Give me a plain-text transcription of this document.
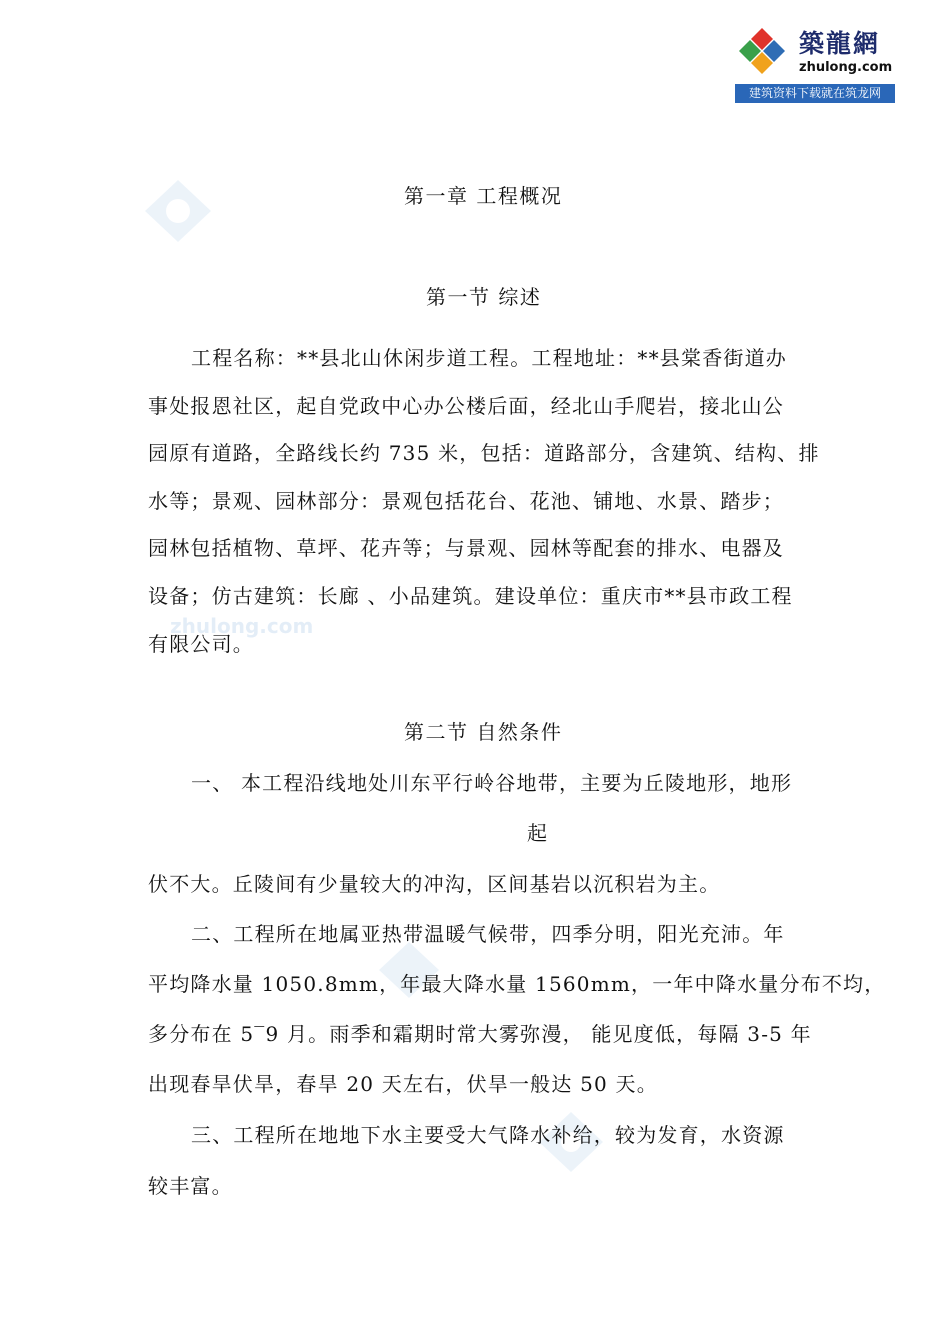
zhulong.com
築龍網
zhulong.com
建筑资料下载就在筑龙网
第一章 工程概况
第一节 综述
工程名称：**县北山休闲步道工程。工程地址：**县棠香街道办
事处报恩社区，起自党政中心办公楼后面，经北山手爬岩，接北山公
园原有道路，全路线长约 735 米，包括：道路部分，含建筑、结构、排
水等；景观、园林部分：景观包括花台、花池、铺地、水景、踏步；
园林包括植物、草坪、花卉等；与景观、园林等配套的排水、电器及
设备；仿古建筑：长廊 、小品建筑。建设单位：重庆市**县市政工程
有限公司。
第二节 自然条件
一、 本工程沿线地处川东平行岭谷地带，主要为丘陵地形，地形
起
伏不大。丘陵间有少量较大的冲沟，区间基岩以沉积岩为主。
二、工程所在地属亚热带温暖气候带，四季分明，阳光充沛。年
平均降水量 1050.8mm，年最大降水量 1560mm，一年中降水量分布不均，
多分布在 5‾9 月。雨季和霜期时常大雾弥漫， 能见度低，每隔 3-5 年
出现春旱伏旱，春旱 20 天左右，伏旱一般达 50 天。
三、工程所在地地下水主要受大气降水补给，较为发育，水资源
较丰富。
